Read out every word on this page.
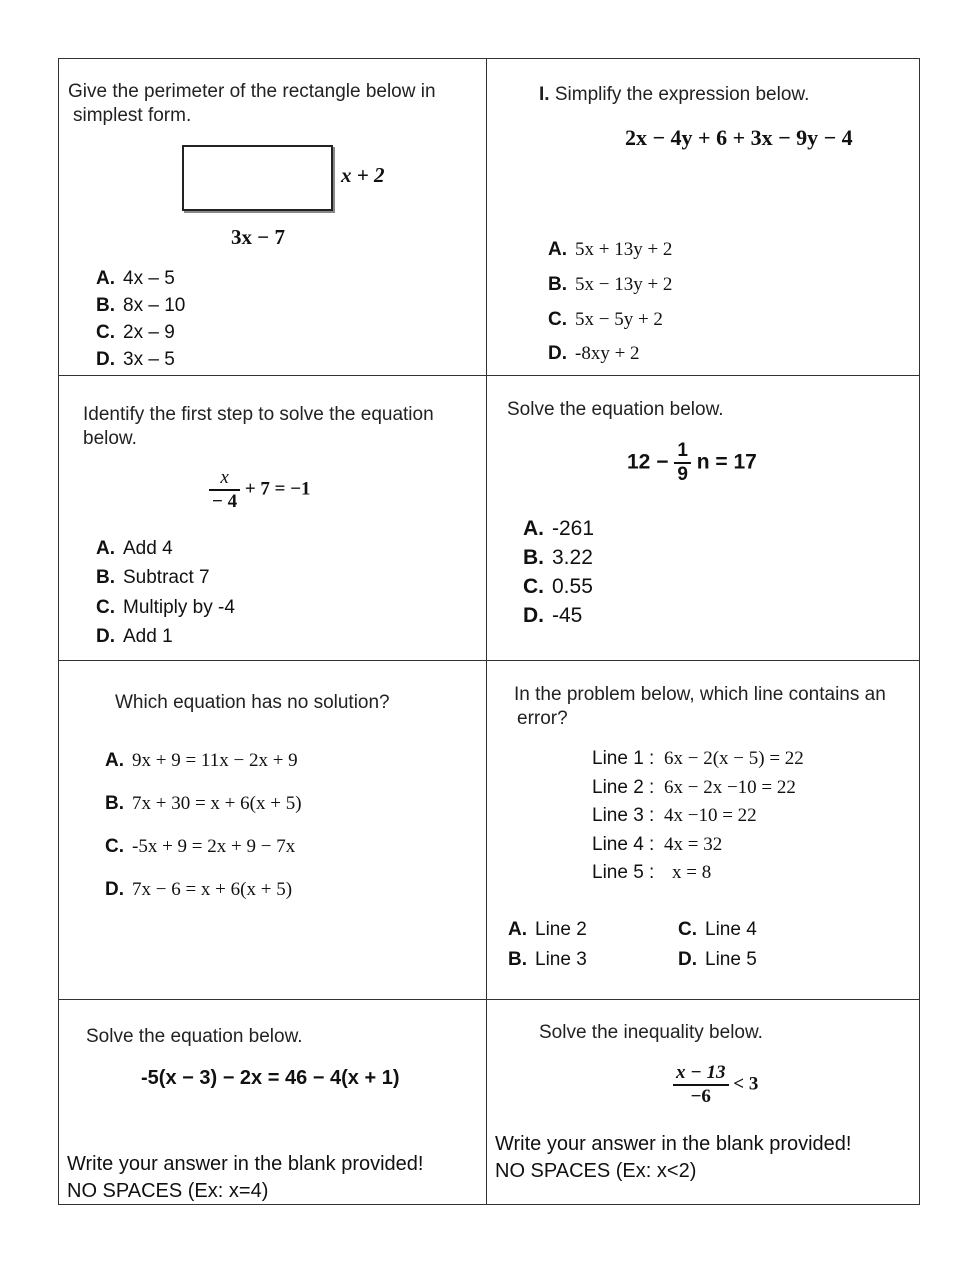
Give the perimeter of the rectangle below in
simplest form.
x + 2
3x − 7
A. 4x – 5
B. 8x – 10
C. 2x – 9
D. 3x – 5
I. Simplify the expression below.
2x − 4y + 6 + 3x − 9y − 4
A. 5x + 13y + 2
B. 5x − 13y + 2
C. 5x − 5y + 2
D. -8xy + 2
Identify the first step to solve the equation
below.
$\frac{x}{- 4} + 7 = -1$
A. Add 4
B. Subtract 7
C. Multiply by -4
D. Add 1
Solve the equation below.
$12 - \frac{1}{9}$ n = 17
A. -261
B. 3.22
C. 0.55
D. -45
Which equation has no solution?
A. 9x + 9 = 11x − 2x + 9
B. 7x + 30 = x + 6(x + 5)
C. -5x + 9 = 2x + 9 − 7x
D. 7x − 6 = x + 6(x + 5)
In the problem below, which line contains an
error?
Line 1 : 6x − 2(x − 5) = 22
Line 2 : 6x − 2x −10 = 22
Line 3 : 4x −10 = 22
Line 4 : 4x = 32
Line 5 : x = 8
A. Line 2
B. Line 3
C. Line 4
D. Line 5
Solve the equation below.
-5(x − 3) − 2x = 46 − 4(x + 1)
Write your answer in the blank provided!
NO SPACES (Ex: x=4)
Solve the inequality below.
$\frac{x - 13}{-6} < 3$
Write your answer in the blank provided!
NO SPACES (Ex: x<2)
